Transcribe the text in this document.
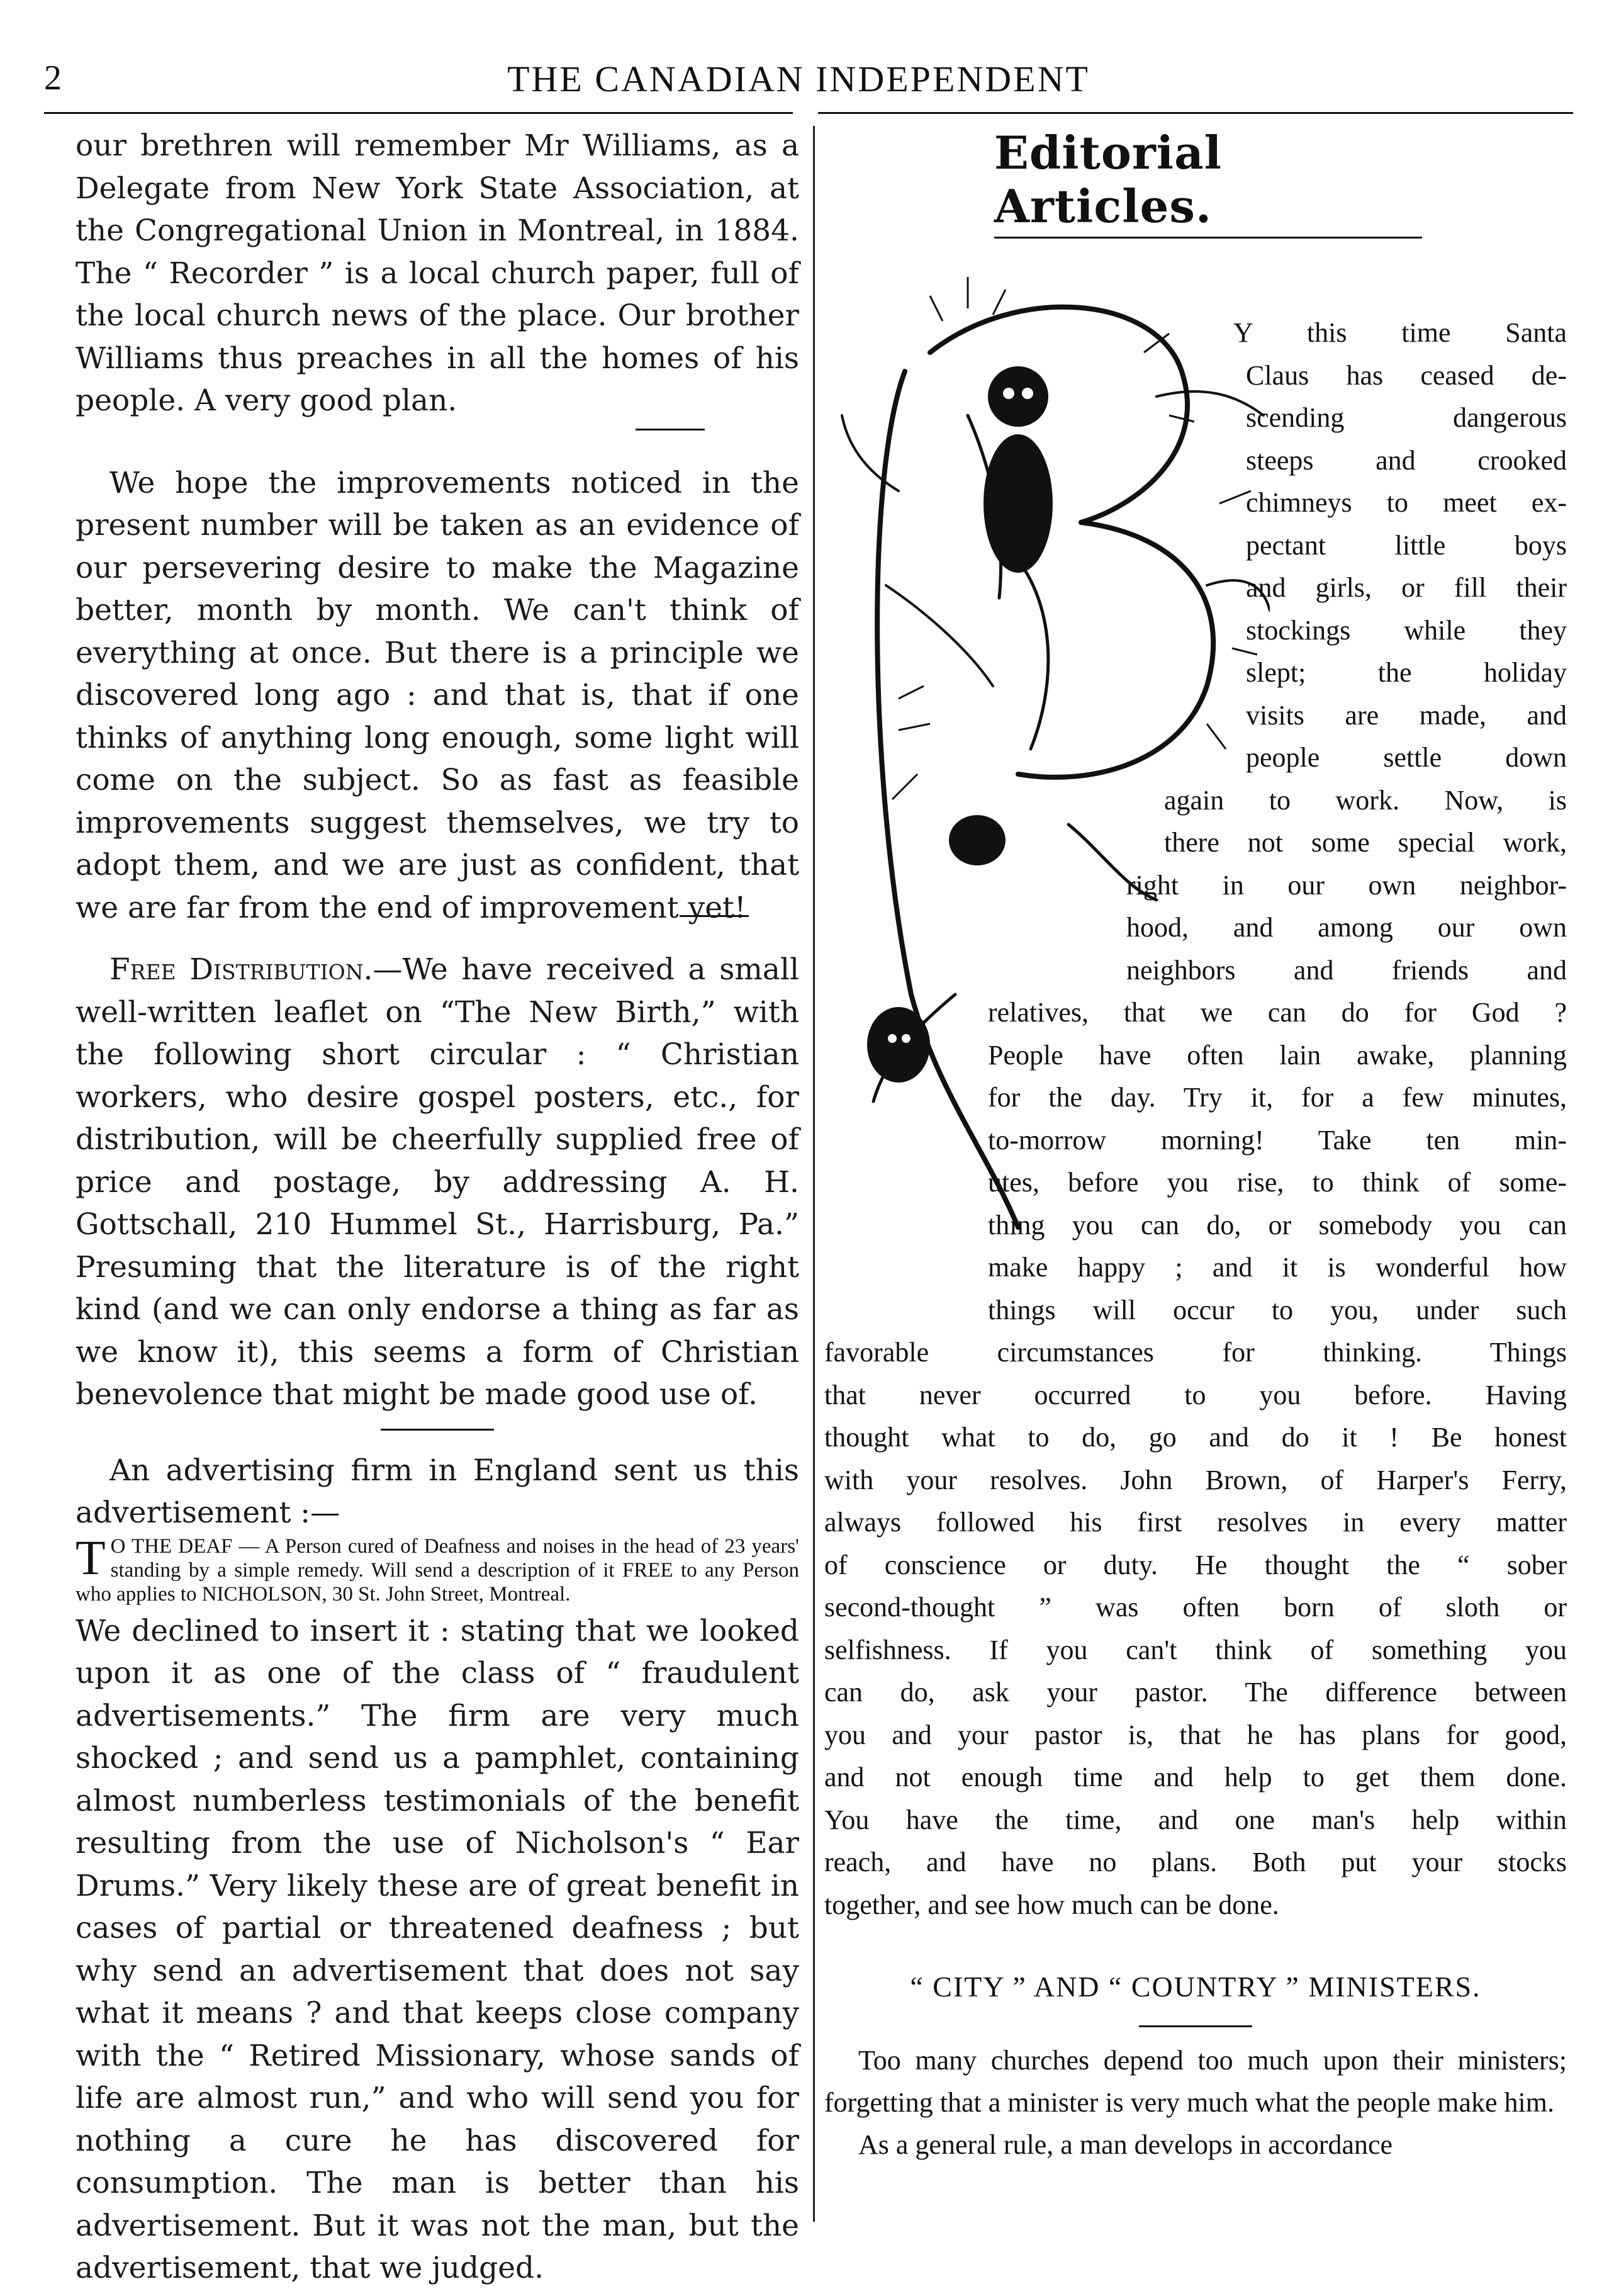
2	THE CANADIAN INDEPENDENT

our brethren will remember Mr Williams, as a Delegate from New York State Association, at the Congregational Union in Montreal, in 1884. The “ Recorder ” is a local church paper, full of the local church news of the place. Our brother Williams thus preaches in all the homes of his people. A very good plan.

We hope the improvements noticed in the present number will be taken as an evidence of our persevering desire to make the Magazine better, month by month. We can't think of everything at once. But there is a principle we discovered long ago : and that is, that if one thinks of anything long enough, some light will come on the subject. So as fast as feasible improvements suggest themselves, we try to adopt them, and we are just as confident, that we are far from the end of improvement yet!

Free Distribution.—We have received a small well-written leaflet on “The New Birth,” with the following short circular : “ Christian workers, who desire gospel posters, etc., for distribution, will be cheerfully supplied free of price and postage, by addressing A. H. Gottschall, 210 Hummel St., Harrisburg, Pa.” Presuming that the literature is of the right kind (and we can only endorse a thing as far as we know it), this seems a form of Christian benevolence that might be made good use of.

An advertising firm in England sent us this advertisement :—

T O THE DEAF — A Person cured of Deafness and noises in the head of 23 years' standing by a simple remedy. Will send a description of it FREE to any Person who applies to NICHOLSON, 30 St. John Street, Montreal.

We declined to insert it : stating that we looked upon it as one of the class of “ fraudulent advertisements.” The firm are very much shocked ; and send us a pamphlet, containing almost numberless testimonials of the benefit resulting from the use of Nicholson's “ Ear Drums.” Very likely these are of great benefit in cases of partial or threatened deafness ; but why send an advertisement that does not say what it means ? and that keeps close company with the “ Retired Missionary, whose sands of life are almost run,” and who will send you for nothing a cure he has discovered for consumption. The man is better than his advertisement. But it was not the man, but the advertisement, that we judged.

Editorial Articles.
Y this time Santa
Claus has ceased de-
scending dangerous
steeps and crooked
chimneys to meet ex-
pectant little boys
and girls, or fill their
stockings while they
slept; the holiday
visits are made, and
people settle down
again to work. Now, is
there not some special work,
right in our own neighbor-
hood, and among our own
neighbors and friends and
relatives, that we can do for God ?
People have often lain awake, planning
for the day. Try it, for a few minutes,
to-morrow morning! Take ten min-
utes, before you rise, to think of some-
thing you can do, or somebody you can
make happy ; and it is wonderful how
things will occur to you, under such
favorable circumstances for thinking. Things
that never occurred to you before. Having
thought what to do, go and do it ! Be honest
with your resolves. John Brown, of Harper's Ferry,
always followed his first resolves in every matter
of conscience or duty. He thought the “ sober
second-thought ” was often born of sloth or
selfishness. If you can't think of something you
can do, ask your pastor. The difference between
you and your pastor is, that he has plans for good,
and not enough time and help to get them done.
You have the time, and one man's help within
reach, and have no plans. Both put your stocks
together, and see how much can be done.
“ CITY ” AND “ COUNTRY ” MINISTERS.

Too many churches depend too much upon their ministers; forgetting that a minister is very much what the people make him.

As a general rule, a man develops in accordance
